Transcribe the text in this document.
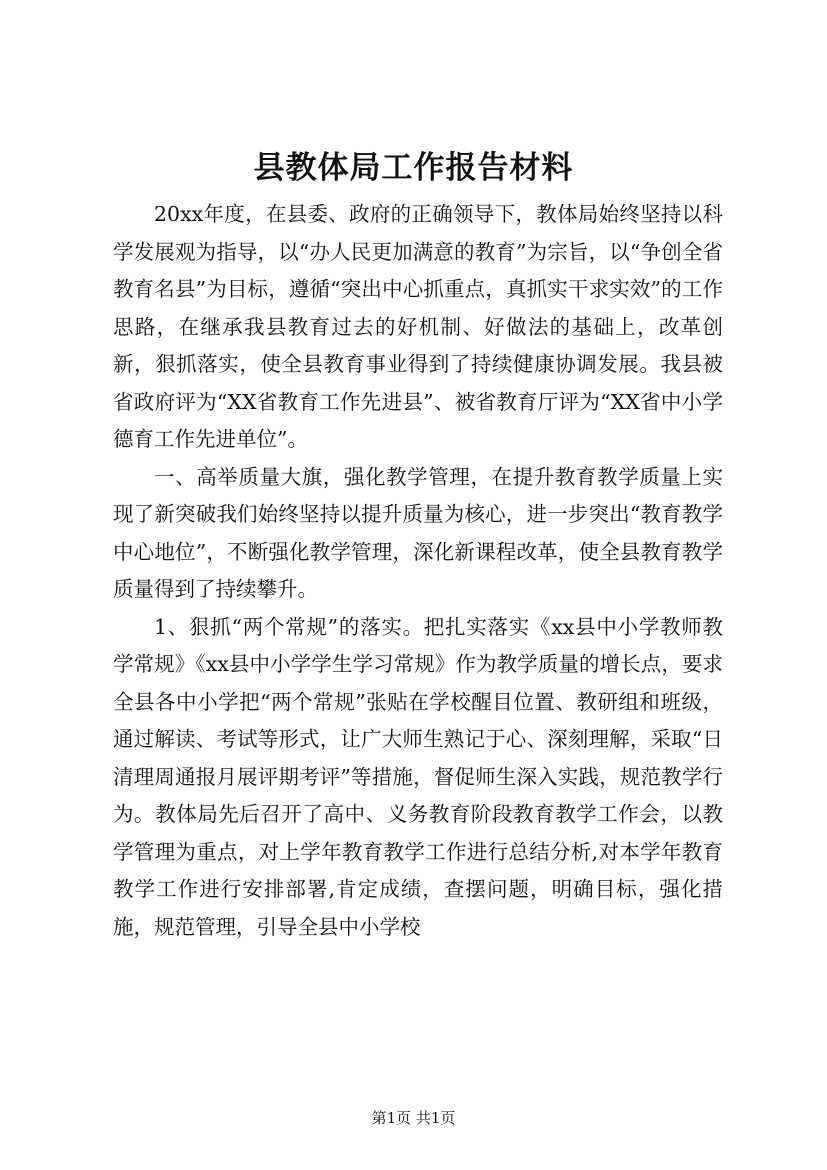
县教体局工作报告材料

20xx年度，在县委、政府的正确领导下，教体局始终坚持以科学发展观为指导，以“办人民更加满意的教育”为宗旨，以“争创全省教育名县”为目标，遵循“突出中心抓重点，真抓实干求实效”的工作思路，在继承我县教育过去的好机制、好做法的基础上，改革创新，狠抓落实，使全县教育事业得到了持续健康协调发展。我县被省政府评为“XX省教育工作先进县”、被省教育厅评为“XX省中小学德育工作先进单位”。

一、高举质量大旗，强化教学管理，在提升教育教学质量上实现了新突破我们始终坚持以提升质量为核心，进一步突出“教育教学中心地位”，不断强化教学管理，深化新课程改革，使全县教育教学质量得到了持续攀升。

1、狠抓“两个常规”的落实。把扎实落实《xx县中小学教师教学常规》《xx县中小学学生学习常规》作为教学质量的增长点，要求全县各中小学把“两个常规”张贴在学校醒目位置、教研组和班级，通过解读、考试等形式，让广大师生熟记于心、深刻理解，采取“日清理周通报月展评期考评”等措施，督促师生深入实践，规范教学行为。教体局先后召开了高中、义务教育阶段教育教学工作会，以教学管理为重点，对上学年教育教学工作进行总结分析,对本学年教育教学工作进行安排部署,肯定成绩，查摆问题，明确目标，强化措施，规范管理，引导全县中小学校

第1页 共1页
